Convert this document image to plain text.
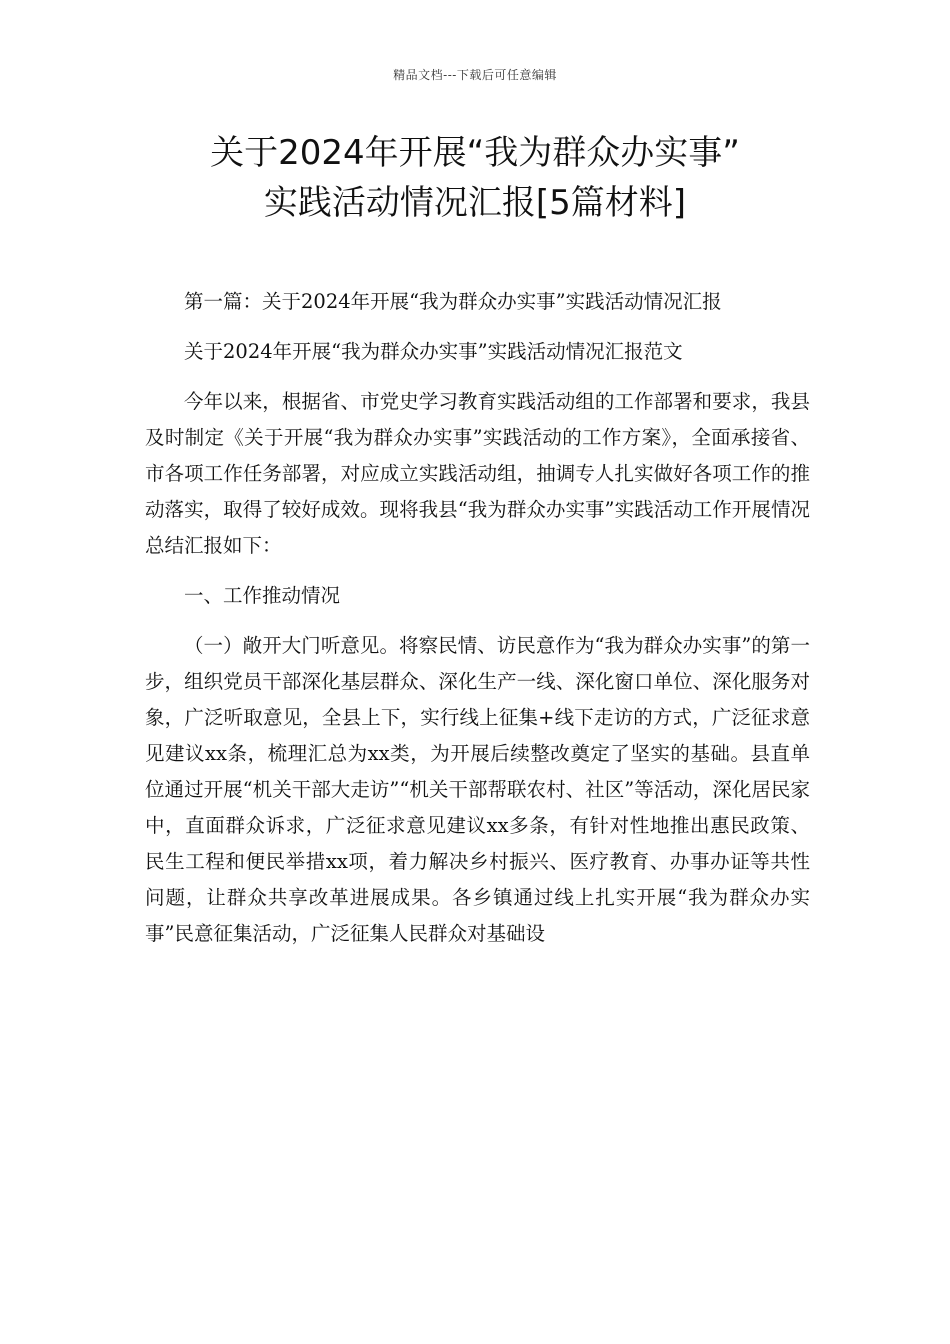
精品文档---下载后可任意编辑
关于2024年开展“我为群众办实事”
实践活动情况汇报[5篇材料]

第一篇：关于2024年开展“我为群众办实事”实践活动情况汇报

关于2024年开展“我为群众办实事”实践活动情况汇报范文

今年以来，根据省、市党史学习教育实践活动组的工作部署和要求，我县及时制定《关于开展“我为群众办实事”实践活动的工作方案》，全面承接省、市各项工作任务部署，对应成立实践活动组，抽调专人扎实做好各项工作的推动落实，取得了较好成效。现将我县“我为群众办实事”实践活动工作开展情况总结汇报如下：

一、工作推动情况

（一）敞开大门听意见。将察民情、访民意作为“我为群众办实事”的第一步，组织党员干部深化基层群众、深化生产一线、深化窗口单位、深化服务对象，广泛听取意见，全县上下，实行线上征集+线下走访的方式，广泛征求意见建议xx条，梳理汇总为xx类，为开展后续整改奠定了坚实的基础。县直单位通过开展“机关干部大走访”“机关干部帮联农村、社区”等活动，深化居民家中，直面群众诉求，广泛征求意见建议xx多条，有针对性地推出惠民政策、民生工程和便民举措xx项，着力解决乡村振兴、医疗教育、办事办证等共性问题，让群众共享改革进展成果。各乡镇通过线上扎实开展“我为群众办实事”民意征集活动，广泛征集人民群众对基础设
